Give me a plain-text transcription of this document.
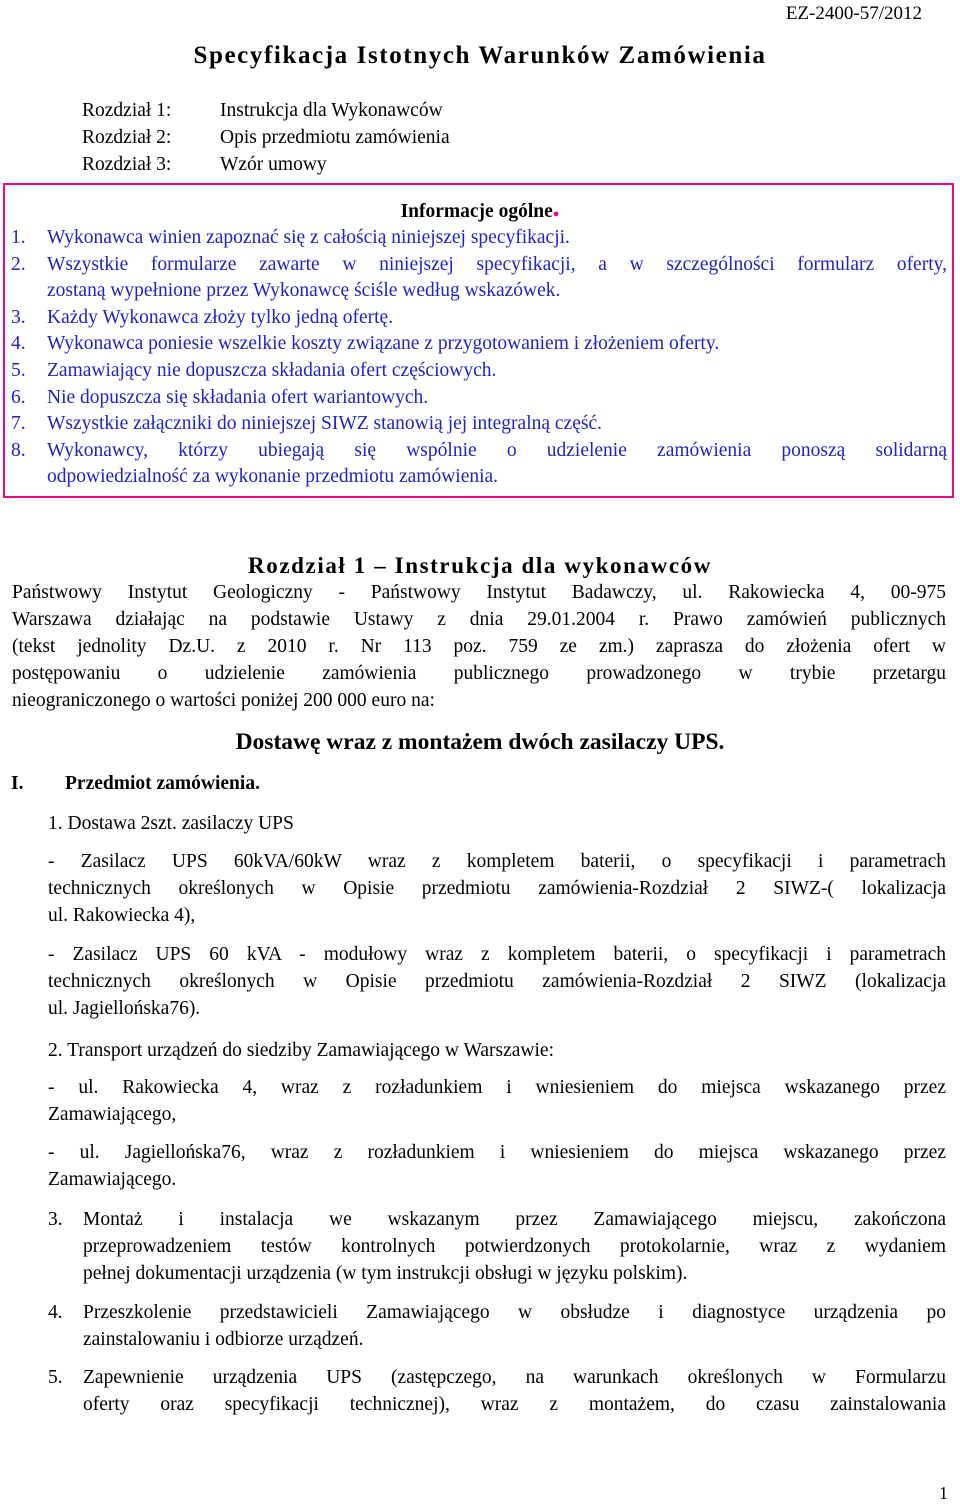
EZ-2400-57/2012
Specyfikacja Istotnych Warunków Zamówienia
Rozdział 1:	Instrukcja dla Wykonawców
Rozdział 2:	Opis przedmiotu zamówienia
Rozdział 3:	Wzór umowy
Informacje ogólne●
1.	Wykonawca winien zapoznać się z całością niniejszej specyfikacji.
2.	Wszystkie formularze zawarte w niniejszej specyfikacji, a w szczególności formularz oferty,
zostaną wypełnione przez Wykonawcę ściśle według wskazówek.
3.	Każdy Wykonawca złoży tylko jedną ofertę.
4.	Wykonawca poniesie wszelkie koszty związane z przygotowaniem i złożeniem oferty.
5.	Zamawiający nie dopuszcza składania ofert częściowych.
6.	Nie dopuszcza się składania ofert wariantowych.
7.	Wszystkie załączniki do niniejszej SIWZ stanowią jej integralną część.
8.	Wykonawcy, którzy ubiegają się wspólnie o udzielenie zamówienia ponoszą solidarną
odpowiedzialność za wykonanie przedmiotu zamówienia.
Rozdział 1 – Instrukcja dla wykonawców
Państwowy Instytut Geologiczny - Państwowy Instytut Badawczy, ul. Rakowiecka 4, 00-975
Warszawa działając na podstawie Ustawy z dnia 29.01.2004 r. Prawo zamówień publicznych
(tekst jednolity Dz.U. z 2010 r. Nr 113 poz. 759 ze zm.) zaprasza do złożenia ofert w
postępowaniu o udzielenie zamówienia publicznego prowadzonego w trybie przetargu
nieograniczonego o wartości poniżej 200 000 euro na:
Dostawę wraz z montażem dwóch zasilaczy UPS.
I. Przedmiot zamówienia.
1. Dostawa 2szt. zasilaczy UPS
- Zasilacz UPS 60kVA/60kW wraz z kompletem baterii, o specyfikacji i parametrach
technicznych określonych w Opisie przedmiotu zamówienia-Rozdział 2 SIWZ-( lokalizacja
ul. Rakowiecka 4),
- Zasilacz UPS 60 kVA - modułowy wraz z kompletem baterii, o specyfikacji i parametrach
technicznych określonych w Opisie przedmiotu zamówienia-Rozdział 2 SIWZ (lokalizacja
ul. Jagiellońska76).
2. Transport urządzeń do siedziby Zamawiającego w Warszawie:
- ul. Rakowiecka 4, wraz z rozładunkiem i wniesieniem do miejsca wskazanego przez
Zamawiającego,
- ul. Jagiellońska76, wraz z rozładunkiem i wniesieniem do miejsca wskazanego przez
Zamawiającego.
3.	Montaż i instalacja we wskazanym przez Zamawiającego miejscu, zakończona
przeprowadzeniem testów kontrolnych potwierdzonych protokolarnie, wraz z wydaniem
pełnej dokumentacji urządzenia (w tym instrukcji obsługi w języku polskim).
4.	Przeszkolenie przedstawicieli Zamawiającego w obsłudze i diagnostyce urządzenia po
zainstalowaniu i odbiorze urządzeń.
5.	Zapewnienie urządzenia UPS (zastępczego, na warunkach określonych w Formularzu
oferty oraz specyfikacji technicznej), wraz z montażem, do czasu zainstalowania
1
